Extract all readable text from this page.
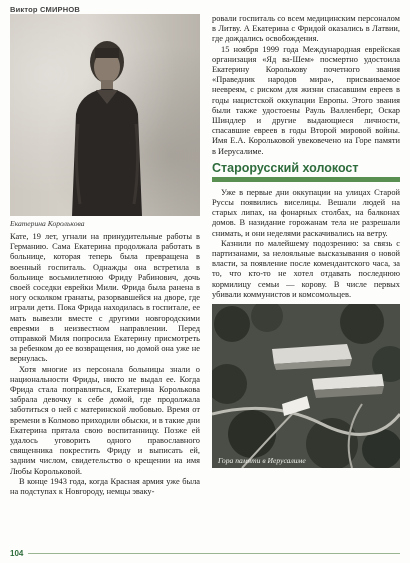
Виктор СМИРНОВ
Екатерина Королькова

Кате, 19 лет, угнали на принудительные работы в Германию. Сама Екатерина продолжала работать в больнице, которая теперь была превращена в военный госпиталь. Однажды она встретила в больнице восьмилетнюю Фриду Рабинович, дочь своей соседки еврейки Мили. Фрида была ранена в ногу осколком гранаты, разорвавшейся на дворе, где играли дети. Пока Фрида находилась в госпитале, ее мать вывезли вместе с другими новгородскими евреями в неизвестном направлении. Перед отправкой Миля попросила Екатерину присмотреть за ребенком до ее возвращения, но домой она уже не вернулась.

Хотя многие из персонала больницы знали о национальности Фриды, никто не выдал ее. Когда Фрида стала поправляться, Екатерина Королькова забрала девочку к себе домой, где продолжала заботиться о ней с материнской любовью. Время от времени в Колмово приходили обыски, и в такие дни Екатерина прятала свою воспитанницу. Позже ей удалось уговорить одного православного священника покрестить Фриду и выписать ей, задним числом, свидетельство о крещении на имя Любы Корольковой.

В конце 1943 года, когда Красная армия уже была на подступах к Новгороду, немцы эваку-

ровали госпиталь со всем медицинским персоналом в Литву. А Екатерина с Фридой оказались в Латвии, где дождались освобождения.

15 ноября 1999 года Международная еврейская организация «Яд ва-Шем» посмертно удостоила Екатерину Королькову почетного звания «Праведник народов мира», присваиваемое неевреям, с риском для жизни спасавшим евреев в годы нацистской оккупации Европы. Этого звания были также удостоены Рауль Валленберг, Оскар Шиндлер и другие выдающиеся личности, спасавшие евреев в годы Второй мировой войны. Имя Е.А. Корольковой увековечено на Горе памяти в Иерусалиме.

Старорусский холокост

Уже в первые дни оккупации на улицах Старой Руссы появились виселицы. Вешали людей на старых липах, на фонарных столбах, на балконах домов. В назидание горожанам тела не разрешали снимать, и они неделями раскачивались на ветру.

Казнили по малейшему подозрению: за связь с партизанами, за нелояльные высказывания о новой власти, за появление после комендантского часа, за то, что кто-то не хотел отдавать последнюю кормилицу семьи — корову. В числе первых убивали коммунистов и комсомольцев.

Гора памяти в Иерусалиме
104
